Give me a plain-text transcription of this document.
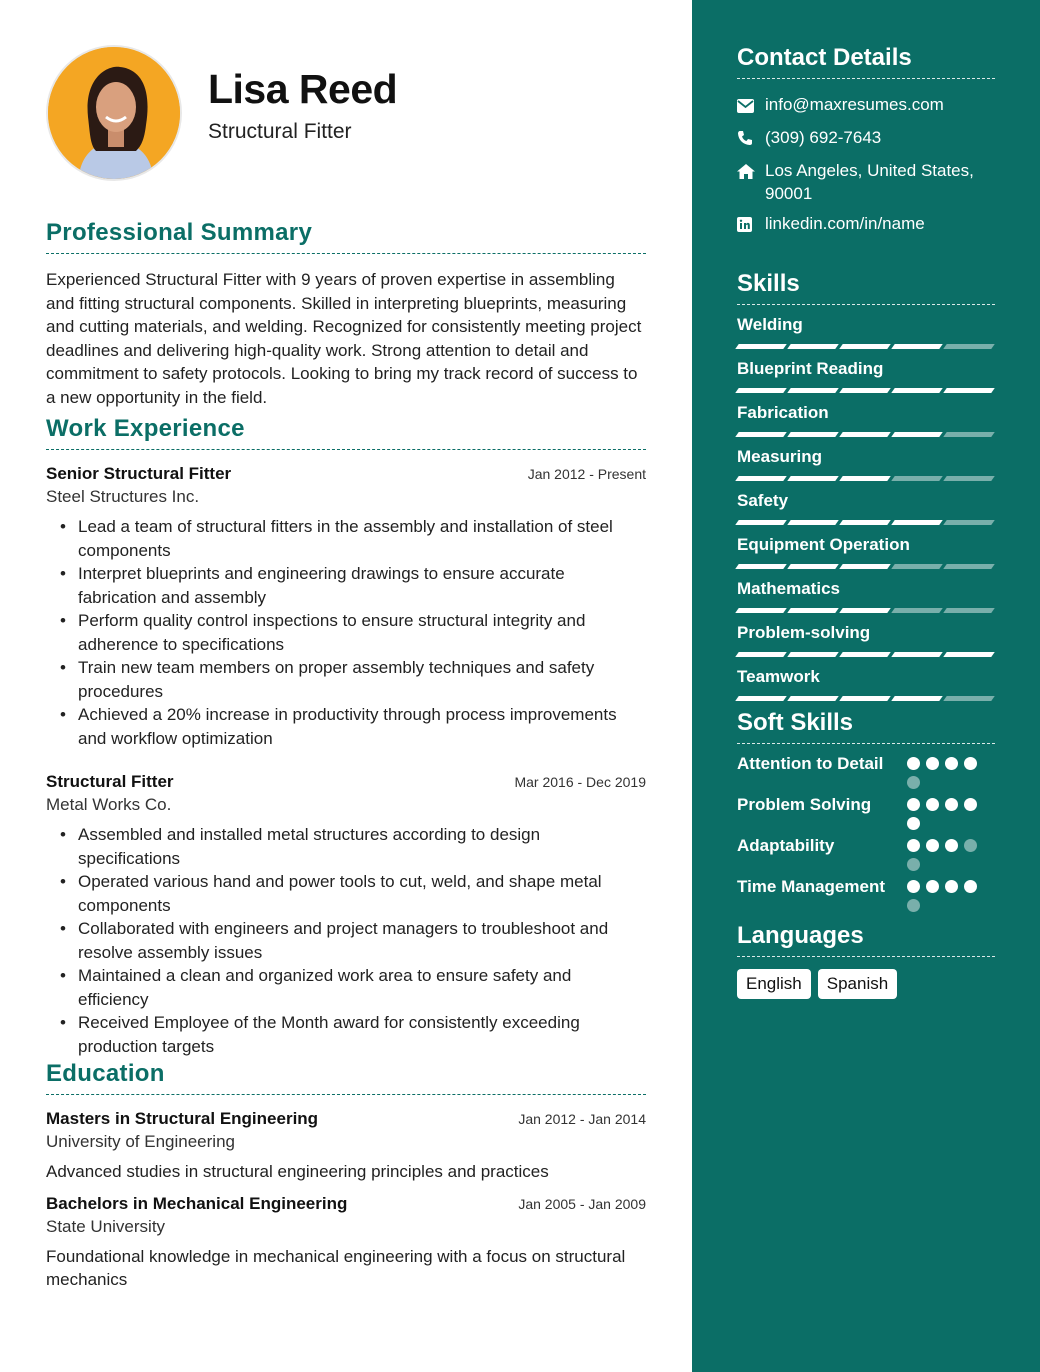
Lisa Reed
Structural Fitter
Professional Summary
Experienced Structural Fitter with 9 years of proven expertise in assembling and fitting structural components. Skilled in interpreting blueprints, measuring and cutting materials, and welding. Recognized for consistently meeting project deadlines and delivering high-quality work. Strong attention to detail and commitment to safety protocols. Looking to bring my track record of success to a new opportunity in the field.
Work Experience
Senior Structural Fitter	Jan 2012 - Present
Steel Structures Inc.
• Lead a team of structural fitters in the assembly and installation of steel components
• Interpret blueprints and engineering drawings to ensure accurate fabrication and assembly
• Perform quality control inspections to ensure structural integrity and adherence to specifications
• Train new team members on proper assembly techniques and safety procedures
• Achieved a 20% increase in productivity through process improvements and workflow optimization
Structural Fitter	Mar 2016 - Dec 2019
Metal Works Co.
• Assembled and installed metal structures according to design specifications
• Operated various hand and power tools to cut, weld, and shape metal components
• Collaborated with engineers and project managers to troubleshoot and resolve assembly issues
• Maintained a clean and organized work area to ensure safety and efficiency
• Received Employee of the Month award for consistently exceeding production targets
Education
Masters in Structural Engineering	Jan 2012 - Jan 2014
University of Engineering
Advanced studies in structural engineering principles and practices
Bachelors in Mechanical Engineering	Jan 2005 - Jan 2009
State University
Foundational knowledge in mechanical engineering with a focus on structural mechanics
Contact Details
info@maxresumes.com
(309) 692-7643
Los Angeles, United States, 90001
linkedin.com/in/name
Skills
Welding
Blueprint Reading
Fabrication
Measuring
Safety
Equipment Operation
Mathematics
Problem-solving
Teamwork
Soft Skills
Attention to Detail
Problem Solving
Adaptability
Time Management
Languages
English	Spanish
